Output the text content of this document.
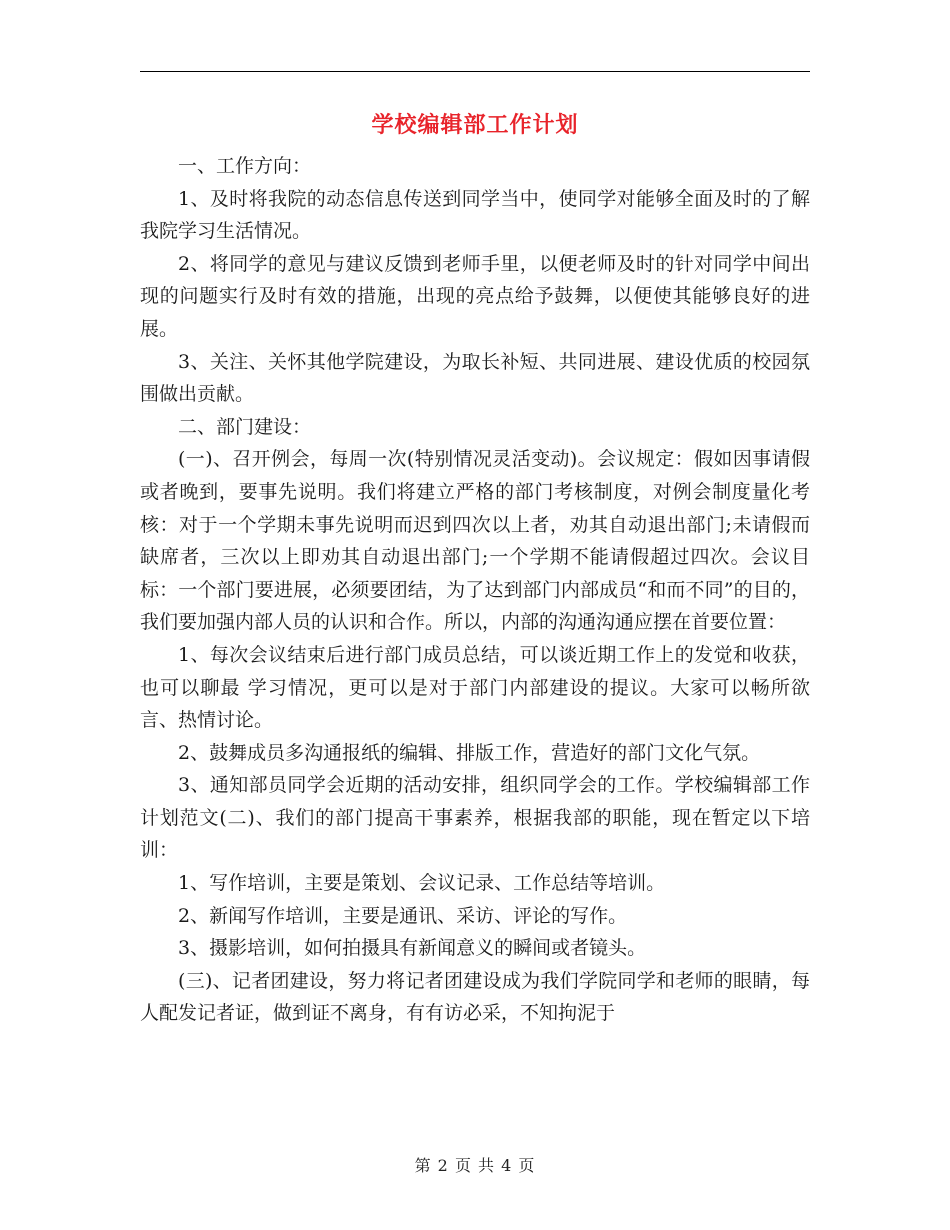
学校编辑部工作计划

一、工作方向：

1、及时将我院的动态信息传送到同学当中，使同学对能够全面及时的了解我院学习生活情况。

2、将同学的意见与建议反馈到老师手里，以便老师及时的针对同学中间出现的问题实行及时有效的措施，出现的亮点给予鼓舞，以便使其能够良好的进展。

3、关注、关怀其他学院建设，为取长补短、共同进展、建设优质的校园氛围做出贡献。

二、部门建设：

(一)、召开例会，每周一次(特别情况灵活变动)。会议规定：假如因事请假或者晚到，要事先说明。我们将建立严格的部门考核制度，对例会制度量化考核：对于一个学期未事先说明而迟到四次以上者，劝其自动退出部门;未请假而缺席者，三次以上即劝其自动退出部门;一个学期不能请假超过四次。会议目标：一个部门要进展，必须要团结，为了达到部门内部成员“和而不同”的目的，我们要加强内部人员的认识和合作。所以，内部的沟通沟通应摆在首要位置：

1、每次会议结束后进行部门成员总结，可以谈近期工作上的发觉和收获，也可以聊最 学习情况，更可以是对于部门内部建设的提议。大家可以畅所欲言、热情讨论。

2、鼓舞成员多沟通报纸的编辑、排版工作，营造好的部门文化气氛。

3、通知部员同学会近期的活动安排，组织同学会的工作。学校编辑部工作计划范文(二)、我们的部门提高干事素养，根据我部的职能，现在暂定以下培训：

1、写作培训，主要是策划、会议记录、工作总结等培训。

2、新闻写作培训，主要是通讯、采访、评论的写作。

3、摄影培训，如何拍摄具有新闻意义的瞬间或者镜头。

(三)、记者团建设，努力将记者团建设成为我们学院同学和老师的眼睛，每人配发记者证，做到证不离身，有有访必采，不知拘泥于

第 2 页 共 4 页
